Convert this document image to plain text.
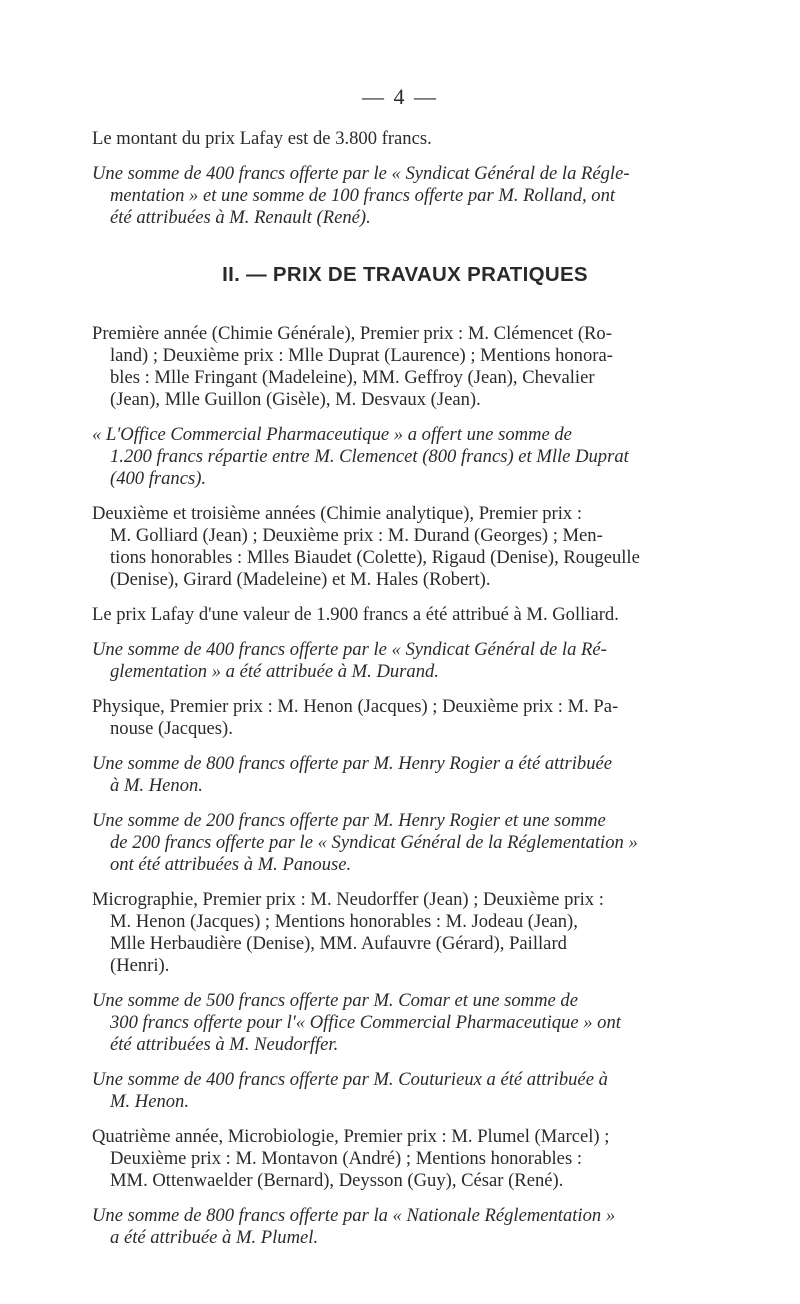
— 4 —
Le montant du prix Lafay est de 3.800 francs.
Une somme de 400 francs offerte par le « Syndicat Général de la Régle-
mentation » et une somme de 100 francs offerte par M. Rolland, ont
été attribuées à M. Renault (René).
II. — PRIX DE TRAVAUX PRATIQUES
Première année (Chimie Générale), Premier prix : M. Clémencet (Ro-
land) ; Deuxième prix : Mlle Duprat (Laurence) ; Mentions honora-
bles : Mlle Fringant (Madeleine), MM. Geffroy (Jean), Chevalier
(Jean), Mlle Guillon (Gisèle), M. Desvaux (Jean).
« L'Office Commercial Pharmaceutique » a offert une somme de
1.200 francs répartie entre M. Clemencet (800 francs) et Mlle Duprat
(400 francs).
Deuxième et troisième années (Chimie analytique), Premier prix :
M. Golliard (Jean) ; Deuxième prix : M. Durand (Georges) ; Men-
tions honorables : Mlles Biaudet (Colette), Rigaud (Denise), Rougeulle
(Denise), Girard (Madeleine) et M. Hales (Robert).
Le prix Lafay d'une valeur de 1.900 francs a été attribué à M. Golliard.
Une somme de 400 francs offerte par le « Syndicat Général de la Ré-
glementation » a été attribuée à M. Durand.
Physique, Premier prix : M. Henon (Jacques) ; Deuxième prix : M. Pa-
nouse (Jacques).
Une somme de 800 francs offerte par M. Henry Rogier a été attribuée
à M. Henon.
Une somme de 200 francs offerte par M. Henry Rogier et une somme
de 200 francs offerte par le « Syndicat Général de la Réglementation »
ont été attribuées à M. Panouse.
Micrographie, Premier prix : M. Neudorffer (Jean) ; Deuxième prix :
M. Henon (Jacques) ; Mentions honorables : M. Jodeau (Jean),
Mlle Herbaudière (Denise), MM. Aufauvre (Gérard), Paillard
(Henri).
Une somme de 500 francs offerte par M. Comar et une somme de
300 francs offerte pour l'« Office Commercial Pharmaceutique » ont
été attribuées à M. Neudorffer.
Une somme de 400 francs offerte par M. Couturieux a été attribuée à
M. Henon.
Quatrième année, Microbiologie, Premier prix : M. Plumel (Marcel) ;
Deuxième prix : M. Montavon (André) ; Mentions honorables :
MM. Ottenwaelder (Bernard), Deysson (Guy), César (René).
Une somme de 800 francs offerte par la « Nationale Réglementation »
a été attribuée à M. Plumel.
